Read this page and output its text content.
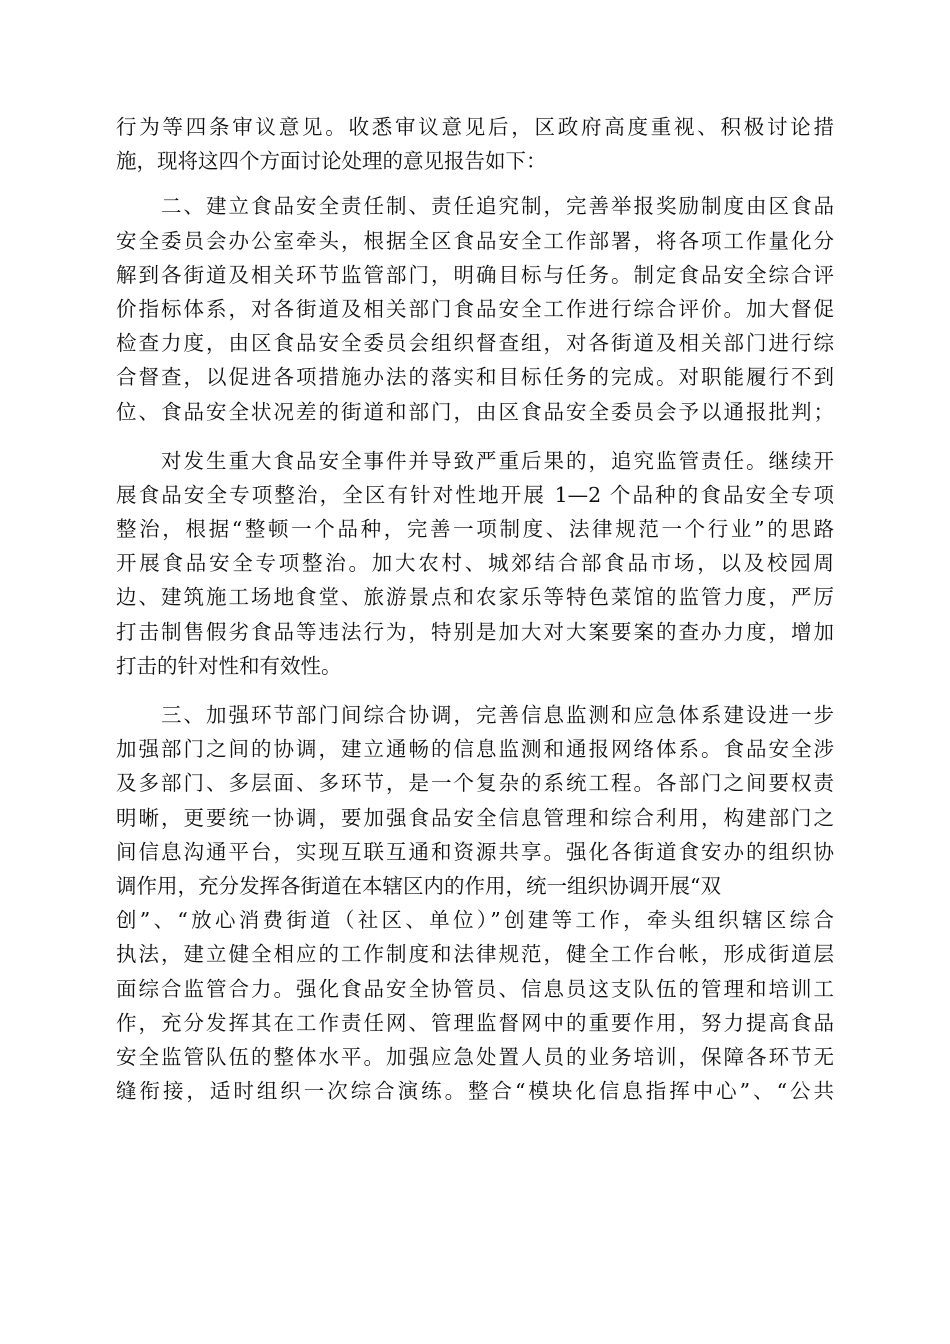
行为等四条审议意见。收悉审议意见后，区政府高度重视、积极讨论措
施，现将这四个方面讨论处理的意见报告如下：
　　二、建立食品安全责任制、责任追究制，完善举报奖励制度由区食品
安全委员会办公室牵头，根据全区食品安全工作部署，将各项工作量化分
解到各街道及相关环节监管部门，明确目标与任务。制定食品安全综合评
价指标体系，对各街道及相关部门食品安全工作进行综合评价。加大督促
检查力度，由区食品安全委员会组织督查组，对各街道及相关部门进行综
合督查，以促进各项措施办法的落实和目标任务的完成。对职能履行不到
位、食品安全状况差的街道和部门，由区食品安全委员会予以通报批判；
　　对发生重大食品安全事件并导致严重后果的，追究监管责任。继续开
展食品安全专项整治，全区有针对性地开展 1—2 个品种的食品安全专项
整治，根据“整顿一个品种，完善一项制度、法律规范一个行业”的思路
开展食品安全专项整治。加大农村、城郊结合部食品市场，以及校园周
边、建筑施工场地食堂、旅游景点和农家乐等特色菜馆的监管力度，严厉
打击制售假劣食品等违法行为，特别是加大对大案要案的查办力度，增加
打击的针对性和有效性。
　　三、加强环节部门间综合协调，完善信息监测和应急体系建设进一步
加强部门之间的协调，建立通畅的信息监测和通报网络体系。食品安全涉
及多部门、多层面、多环节，是一个复杂的系统工程。各部门之间要权责
明晰，更要统一协调，要加强食品安全信息管理和综合利用，构建部门之
间信息沟通平台，实现互联互通和资源共享。强化各街道食安办的组织协
调作用，充分发挥各街道在本辖区内的作用，统一组织协调开展“双
创”、“放心消费街道（社区、单位）”创建等工作，牵头组织辖区综合
执法，建立健全相应的工作制度和法律规范，健全工作台帐，形成街道层
面综合监管合力。强化食品安全协管员、信息员这支队伍的管理和培训工
作，充分发挥其在工作责任网、管理监督网中的重要作用，努力提高食品
安全监管队伍的整体水平。加强应急处置人员的业务培训，保障各环节无
缝衔接，适时组织一次综合演练。整合“模块化信息指挥中心”、“公共
